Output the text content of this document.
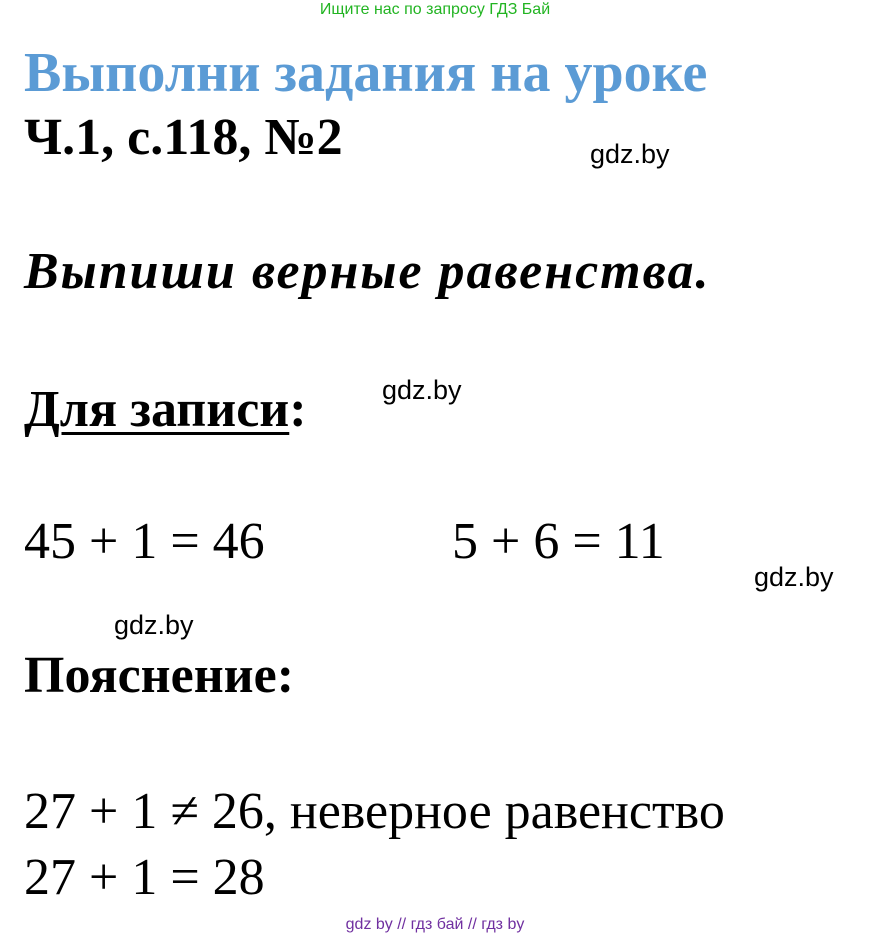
Ищите нас по запросу ГДЗ Бай
Выполни задания на уроке
Ч.1, с.118, №2	gdz.by
Выпиши верные равенства.
Для записи:	gdz.by
45 + 1 = 46	5 + 6 = 11
gdz.by
gdz.by
Пояснение:
27 + 1 ≠ 26, неверное равенство
27 + 1 = 28
gdz by // гдз бай // гдз by
